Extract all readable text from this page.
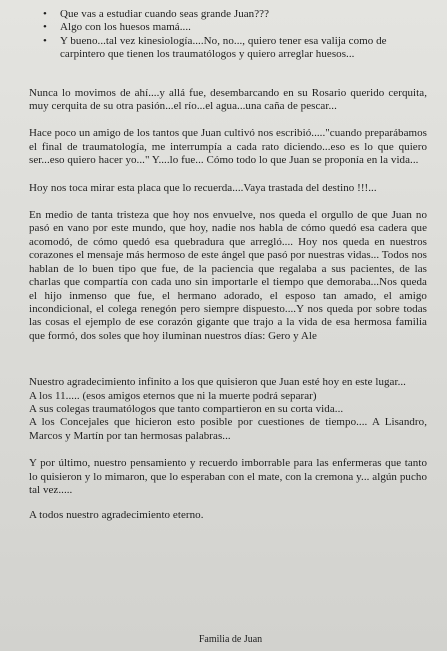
• Que vas a estudiar cuando seas grande Juan???
• Algo con los huesos mamá....
• Y bueno...tal vez kinesiología....No, no..., quiero tener esa valija como de carpintero que tienen los traumatólogos y quiero arreglar huesos...

Nunca lo movimos de ahí....y allá fue, desembarcando en su Rosario querido cerquita, muy cerquita de su otra pasión...el río...el agua...una caña de pescar...

Hace poco un amigo de los tantos que Juan cultivó nos escribió....."cuando preparábamos el final de traumatología, me interrumpía a cada rato diciendo...eso es lo que quiero ser...eso quiero hacer yo..." Y....lo fue... Cómo todo lo que Juan se proponía en la vida...

Hoy nos toca mirar esta placa que lo recuerda....Vaya trastada del destino !!!...

En medio de tanta tristeza que hoy nos envuelve, nos queda el orgullo de que Juan no pasó en vano por este mundo, que hoy, nadie nos habla de cómo quedó esa cadera que acomodó, de cómo quedó esa quebradura que arregló.... Hoy nos queda en nuestros corazones el mensaje más hermoso de este ángel que pasó por nuestras vidas... Todos nos hablan de lo buen tipo que fue, de la paciencia que regalaba a sus pacientes, de las charlas que compartía con cada uno sin importarle el tiempo que demoraba...Nos queda el hijo inmenso que fue, el hermano adorado, el esposo tan amado, el amigo incondicional, el colega renegón pero siempre dispuesto....Y nos queda por sobre todas las cosas el ejemplo de ese corazón gigante que trajo a la vida de esa hermosa familia que formó, dos soles que hoy iluminan nuestros días: Gero y Ale

Nuestro agradecimiento infinito a los que quisieron que Juan esté hoy en este lugar...

A los 11..... (esos amigos eternos que ni la muerte podrá separar)

A sus colegas traumatólogos que tanto compartieron en su corta vida...

A los Concejales que hicieron esto posible por cuestiones de tiempo.... A Lisandro, Marcos y Martín por tan hermosas palabras...

Y por último, nuestro pensamiento y recuerdo imborrable para las enfermeras que tanto lo quisieron y lo mimaron, que lo esperaban con el mate, con la cremona y... algún pucho tal vez.....

A todos nuestro agradecimiento eterno.

Familia de Juan
